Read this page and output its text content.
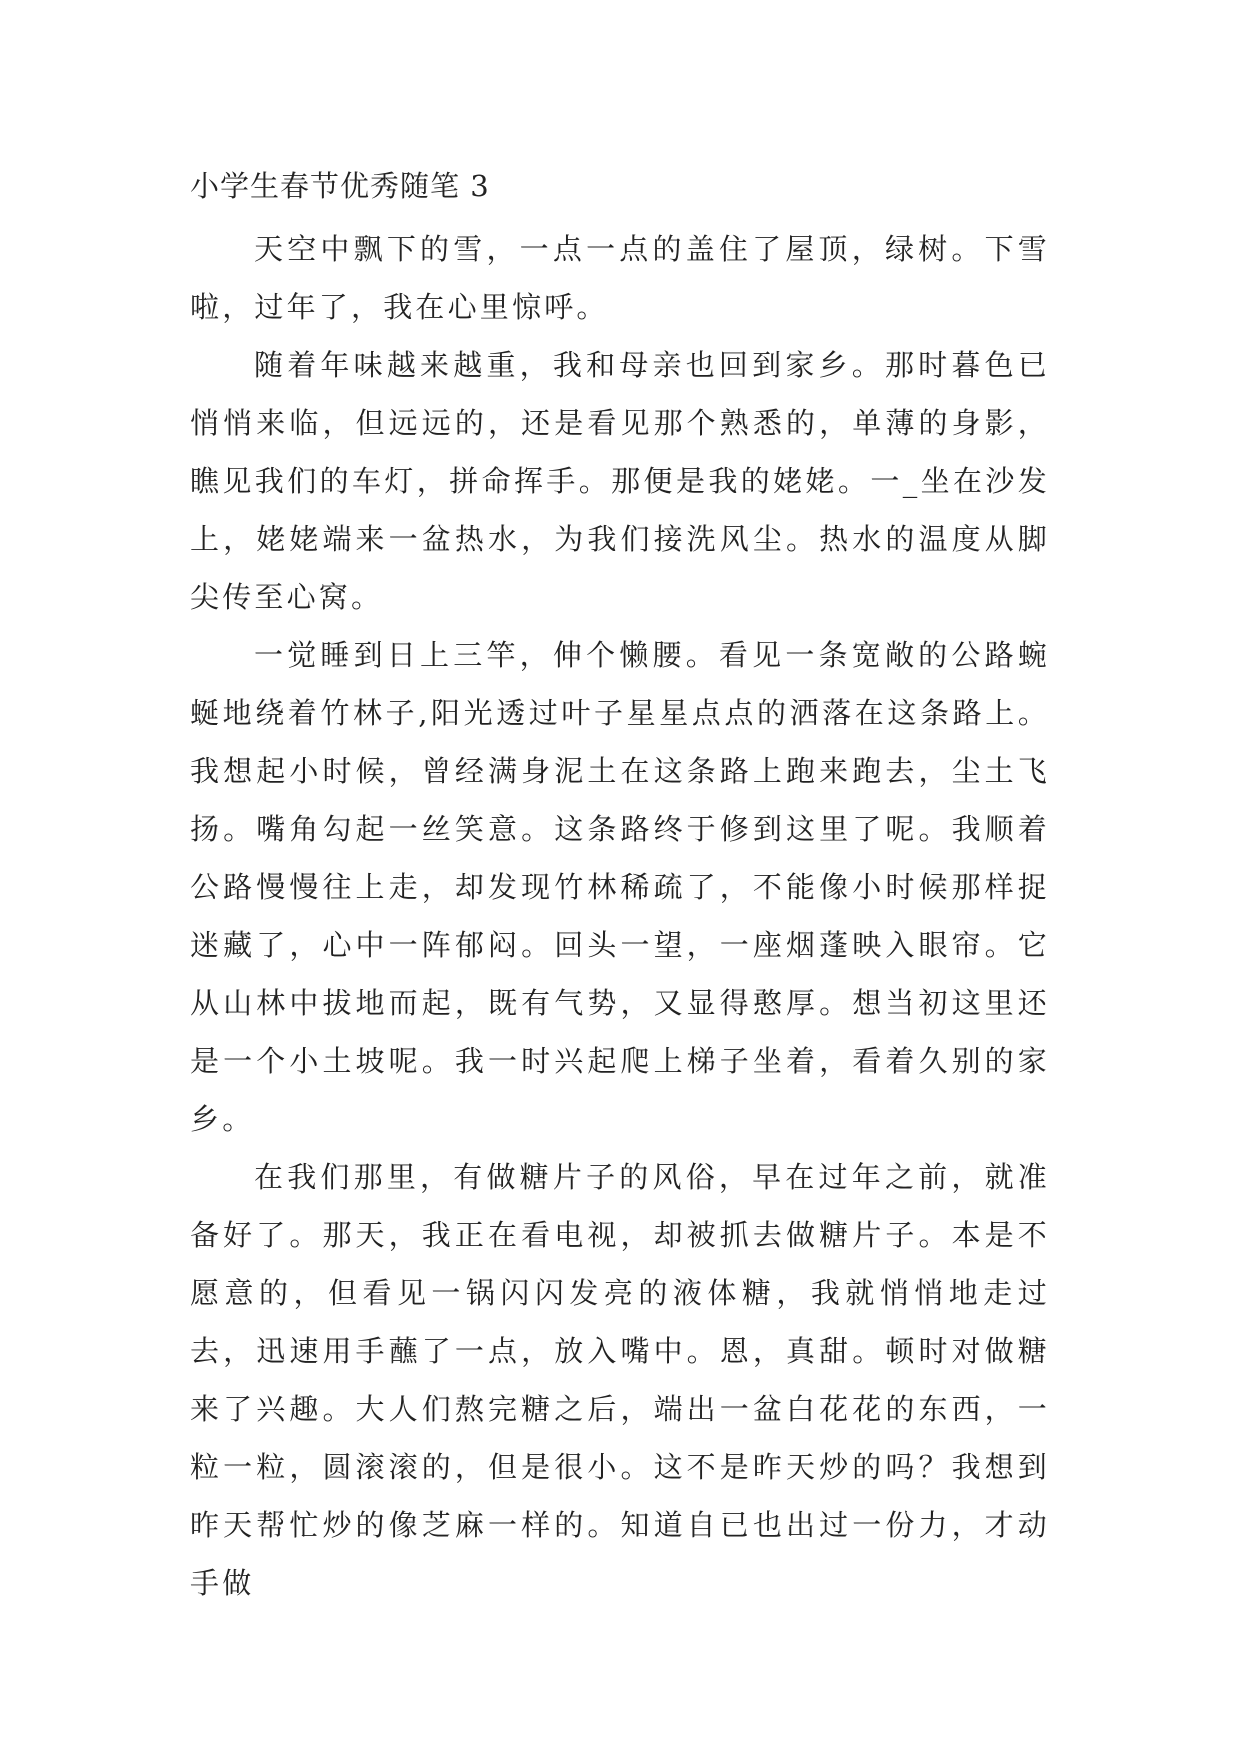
小学生春节优秀随笔 3

天空中飘下的雪，一点一点的盖住了屋顶，绿树。下雪啦，过年了，我在心里惊呼。

随着年味越来越重，我和母亲也回到家乡。那时暮色已悄悄来临，但远远的，还是看见那个熟悉的，单薄的身影，瞧见我们的车灯，拼命挥手。那便是我的姥姥。一_坐在沙发上，姥姥端来一盆热水，为我们接洗风尘。热水的温度从脚尖传至心窝。

一觉睡到日上三竿，伸个懒腰。看见一条宽敞的公路蜿蜒地绕着竹林子,阳光透过叶子星星点点的洒落在这条路上。我想起小时候，曾经满身泥土在这条路上跑来跑去，尘土飞扬。嘴角勾起一丝笑意。这条路终于修到这里了呢。我顺着公路慢慢往上走，却发现竹林稀疏了，不能像小时候那样捉迷藏了，心中一阵郁闷。回头一望，一座烟蓬映入眼帘。它从山林中拔地而起，既有气势，又显得憨厚。想当初这里还是一个小土坡呢。我一时兴起爬上梯子坐着，看着久别的家乡。

在我们那里，有做糖片子的风俗，早在过年之前，就准备好了。那天，我正在看电视，却被抓去做糖片子。本是不愿意的，但看见一锅闪闪发亮的液体糖，我就悄悄地走过去，迅速用手蘸了一点，放入嘴中。恩，真甜。顿时对做糖来了兴趣。大人们熬完糖之后，端出一盆白花花的东西，一粒一粒，圆滚滚的，但是很小。这不是昨天炒的吗？我想到昨天帮忙炒的像芝麻一样的。知道自已也出过一份力，才动手做
